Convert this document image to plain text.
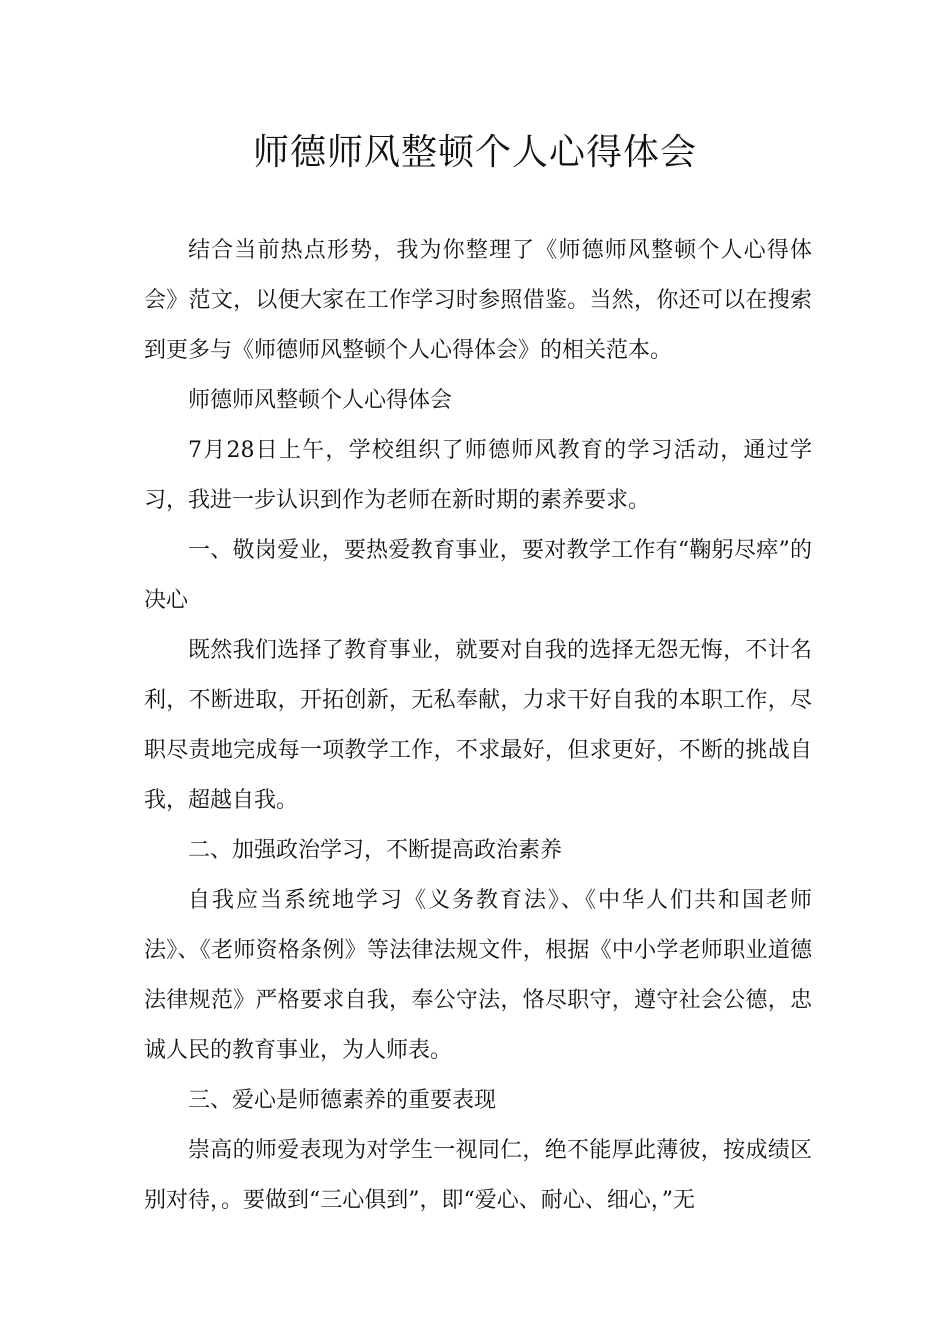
师德师风整顿个人心得体会

结合当前热点形势，我为你整理了《师德师风整顿个人心得体会》范文，以便大家在工作学习时参照借鉴。当然，你还可以在搜索到更多与《师德师风整顿个人心得体会》的相关范本。

师德师风整顿个人心得体会

7月28日上午，学校组织了师德师风教育的学习活动，通过学习，我进一步认识到作为老师在新时期的素养要求。

一、敬岗爱业，要热爱教育事业，要对教学工作有“鞠躬尽瘁”的决心

既然我们选择了教育事业，就要对自我的选择无怨无悔，不计名利，不断进取，开拓创新，无私奉献，力求干好自我的本职工作，尽职尽责地完成每一项教学工作，不求最好，但求更好，不断的挑战自我，超越自我。

二、加强政治学习，不断提高政治素养

自我应当系统地学习《义务教育法》、《中华人们共和国老师法》、《老师资格条例》等法律法规文件，根据《中小学老师职业道德法律规范》严格要求自我，奉公守法，恪尽职守，遵守社会公德，忠诚人民的教育事业，为人师表。

三、爱心是师德素养的重要表现

崇高的师爱表现为对学生一视同仁，绝不能厚此薄彼，按成绩区别对待，。要做到“三心俱到”，即“爱心、耐心、细心，”无
